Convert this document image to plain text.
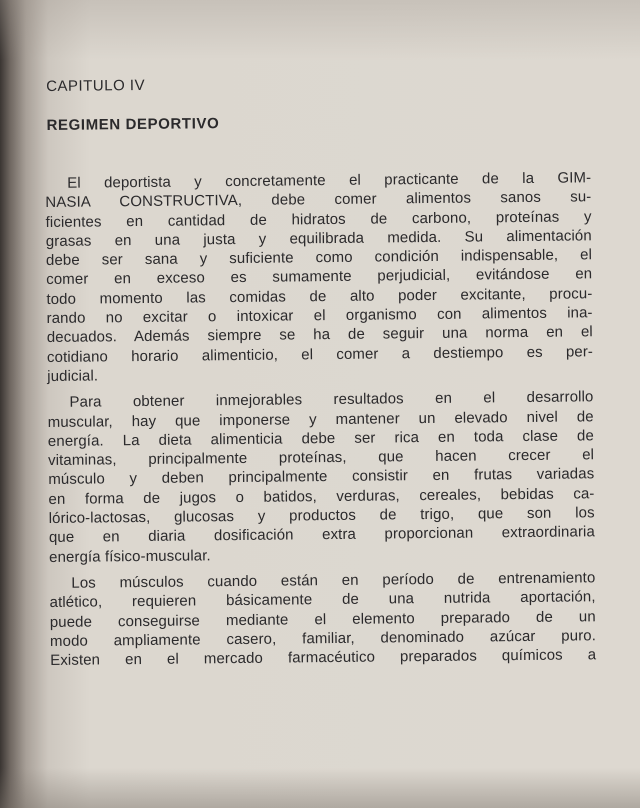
CAPITULO IV
REGIMEN DEPORTIVO
El deportista y concretamente el practicante de la GIM-
NASIA CONSTRUCTIVA, debe comer alimentos sanos su-
ficientes en cantidad de hidratos de carbono, proteínas y
grasas en una justa y equilibrada medida. Su alimentación
debe ser sana y suficiente como condición indispensable, el
comer en exceso es sumamente perjudicial, evitándose en
todo momento las comidas de alto poder excitante, procu-
rando no excitar o intoxicar el organismo con alimentos ina-
decuados. Además siempre se ha de seguir una norma en el
cotidiano horario alimenticio, el comer a destiempo es per-
judicial.
Para obtener inmejorables resultados en el desarrollo
muscular, hay que imponerse y mantener un elevado nivel de
energía. La dieta alimenticia debe ser rica en toda clase de
vitaminas, principalmente proteínas, que hacen crecer el
músculo y deben principalmente consistir en frutas variadas
en forma de jugos o batidos, verduras, cereales, bebidas ca-
lórico-lactosas, glucosas y productos de trigo, que son los
que en diaria dosificación extra proporcionan extraordinaria
energía físico-muscular.
Los músculos cuando están en período de entrenamiento
atlético, requieren básicamente de una nutrida aportación,
puede conseguirse mediante el elemento preparado de un
modo ampliamente casero, familiar, denominado azúcar puro.
Existen en el mercado farmacéutico preparados químicos a
